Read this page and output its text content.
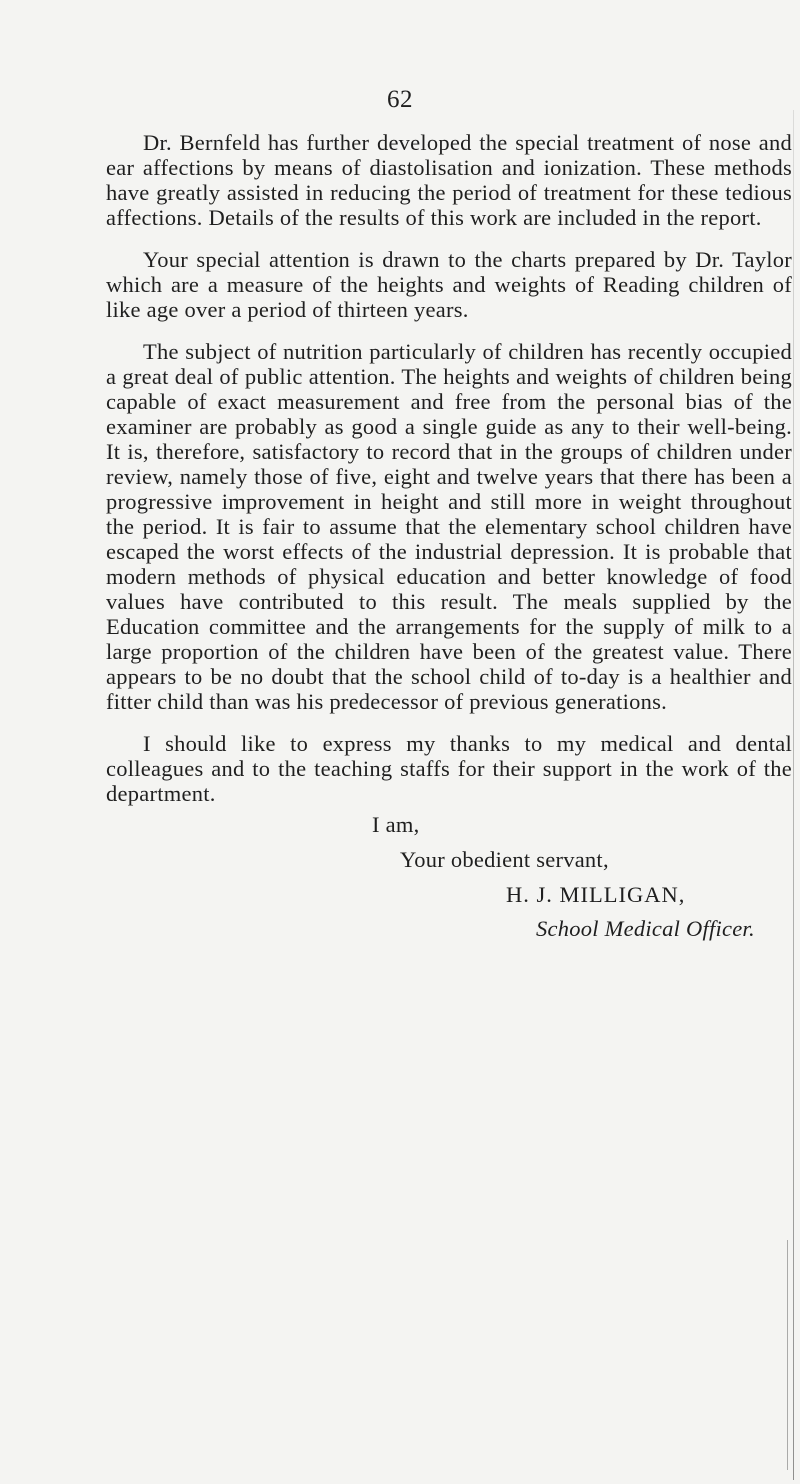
62

Dr. Bernfeld has further developed the special treatment of nose and ear affections by means of diastolisation and ionization. These methods have greatly assisted in reducing the period of treatment for these tedious affections. Details of the results of this work are included in the report.

Your special attention is drawn to the charts prepared by Dr. Taylor which are a measure of the heights and weights of Reading children of like age over a period of thirteen years.

The subject of nutrition particularly of children has recently occupied a great deal of public attention. The heights and weights of children being capable of exact measurement and free from the personal bias of the examiner are probably as good a single guide as any to their well-being. It is, therefore, satisfactory to record that in the groups of children under review, namely those of five, eight and twelve years that there has been a progressive improvement in height and still more in weight throughout the period. It is fair to assume that the elementary school children have escaped the worst effects of the industrial depression. It is probable that modern methods of physical education and better knowledge of food values have contributed to this result. The meals supplied by the Education committee and the arrangements for the supply of milk to a large proportion of the children have been of the greatest value. There appears to be no doubt that the school child of to-day is a healthier and fitter child than was his predecessor of previous generations.

I should like to express my thanks to my medical and dental colleagues and to the teaching staffs for their support in the work of the department.

I am,
Your obedient servant,
H. J. MILLIGAN,
School Medical Officer.
